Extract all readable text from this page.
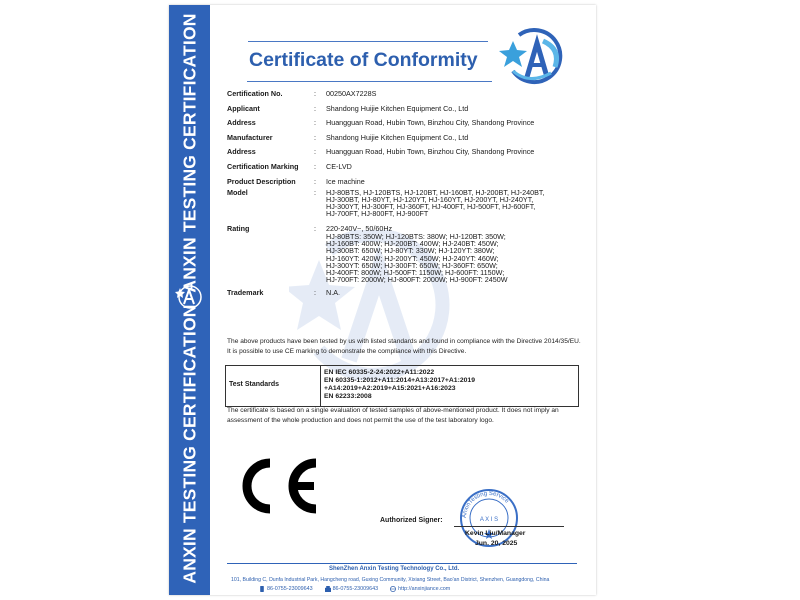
ANXIN TESTING CERTIFICATION
ANXIN TESTING CERTIFICATION
Certificate of Conformity
Certification No.	:	00250AX7228S
Applicant	:	Shandong Huijie Kitchen Equipment Co., Ltd
Address	:	Huangguan Road, Hubin Town, Binzhou City, Shandong Province
Manufacturer	:	Shandong Huijie Kitchen Equipment Co., Ltd
Address	:	Huangguan Road, Hubin Town, Binzhou City, Shandong Province
Certification Marking	:	CE-LVD
Product Description	:	Ice machine
Model	:	HJ-80BTS, HJ-120BTS, HJ-120BT, HJ-160BT, HJ-200BT, HJ-240BT,
HJ-300BT, HJ-80YT, HJ-120YT, HJ-160YT, HJ-200YT, HJ-240YT,
HJ-300YT, HJ-300FT, HJ-360FT, HJ-400FT, HJ-500FT, HJ-600FT,
HJ-700FT, HJ-800FT, HJ-900FT
Rating	:	220-240V~, 50/60Hz
HJ-80BTS: 350W; HJ-120BTS: 380W; HJ-120BT: 350W;
HJ-160BT: 400W; HJ-200BT: 400W; HJ-240BT: 450W;
HJ-300BT: 650W; HJ-80YT: 330W; HJ-120YT: 380W;
HJ-160YT: 420W; HJ-200YT: 450W; HJ-240YT: 460W;
HJ-300YT: 650W; HJ-300FT: 650W; HJ-360FT: 650W;
HJ-400FT: 800W; HJ-500FT: 1150W; HJ-600FT: 1150W;
HJ-700FT: 2000W; HJ-800FT: 2000W; HJ-900FT: 2450W
Trademark	:	N.A.
The above products have been tested by us with listed standards and found in compliance with the Directive 2014/35/EU. It is possible to use CE marking to demonstrate the compliance with this Directive.
Test Standards
EN IEC 60335-2-24:2022+A11:2022
EN 60335-1:2012+A11:2014+A13:2017+A1:2019
+A14:2019+A2:2019+A15:2021+A16:2023
EN 62233:2008
The certificate is based on a single evaluation of tested samples of above-mentioned product. It does not imply an assessment of the whole production and does not permit the use of the test laboratory logo.
AnxinTesting Service
A X I S
Authorized Signer:
Kevin Liu/Manager
Jun. 20, 2025
ShenZhen Anxin Testing Technology Co., Ltd.
101, Building C, Dunfa Industrial Park, Hangcheng road, Guxing Community, Xixiang Street, Bao'an District, Shenzhen, Guangdong, China
86-0755-23009643	86-0755-23009643	http://anxinjiance.com
